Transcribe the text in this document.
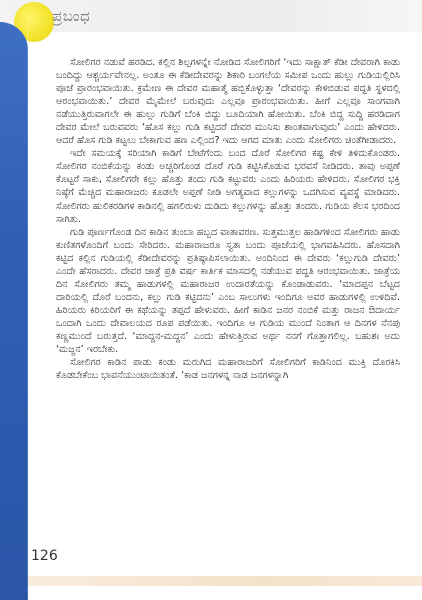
ಪ್ರಬಂಧ

ಸೋಲಿಗರ ನಡುವೆ ಹರಡಿದ. ಕಲ್ಲಿನ ಶಿಲ್ಪಗಳನ್ನೇ ನೋಡಿದ ಸೋಲಿಗರಿಗೆ ‘ಇದು ಸಾಕ್ಷಾತ್ ಕೆಡೀ ದೇವರಾಗಿ ಕಾಡು ಬಂದಿದ್ದು ಆಶ್ಚರ್ಯವೇನಲ್ಲ. ಅಂತೂ ಈ ಕೆಡೀದೇವರನ್ನು ಶಿಕಾರಿ ಬಂಗಲೆಯ ಸಮೀಪ ಒಂದು ಹುಲ್ಲು ಗುಡಿಯಲ್ಲಿರಿಸಿ ಪೂಜೆ ಪ್ರಾರಂಭವಾಯಿತು. ಕ್ರಮೇಣ ಈ ದೇವರ ಮಹಾತ್ಮೆ ಹಬ್ಬಿಕೊಳ್ಳುತ್ತಾ ‘ದೇವರನ್ನು ಕೇಳಿಬಿಡುವ ಪದ್ಧತಿ ಸ್ಥಳದಲ್ಲಿ ಆರಂಭವಾಯಿತು.’ ದೇವರ ಮೈಮೇಲೆ ಬರುವುದು ಎಲ್ಲವೂ ಪ್ರಾರಂಭವಾಯಿತು. ಹೀಗೆ ಎಲ್ಲವೂ ಸಾಂಗವಾಗಿ ನಡೆಯುತ್ತಿರುವಾಗಲೇ ಈ ಹುಲ್ಲು ಗುಡಿಗೆ ಬೆಂಕಿ ಬಿದ್ದು ಬೂದಿಯಾಗಿ ಹೋಯಿತು. ಬೆಂಕಿ ಬಿದ್ದ ಸುದ್ದಿ ಹರಡಿದಾಗ ದೇವರ ಮೇಲೆ ಬರುವವರು ‘ಹೊಸ ಕಲ್ಲು ಗುಡಿ ಕಟ್ಟಿದರೆ ದೇವರ ಮುನಿಸು ಶಾಂತವಾಗುವುದು’ ಎಂದು ಹೇಳಿದರು. ಆದರೆ ಹೊಸ ಗುಡಿ ಕಟ್ಟಲು ಬೇಕಾಗುವ ಹಣ ಎಲ್ಲಿಂದ? ಇದು ಆಗದ ಮಾತು ಎಂದು ಸೋಲಿಗರು ಚಿಂತೆಗೀಡಾದರು.

ಇದೇ ಸಮಯಕ್ಕೆ ಸರಿಯಾಗಿ ಕಾಡಿಗೆ ಬೇಟೆಗೆಂದು ಬಂದ ದೊರೆ ಸೋಲಿಗರ ಕಷ್ಟ ಕೇಳಿ ತಿಳಿದುಕೊಂಡರು. ಸೋಲಿಗರ ನಂಬಿಕೆಯನ್ನು ಕಂಡು ಅಚ್ಚರಿಗೊಂಡ ದೊರೆ ಗುಡಿ ಕಟ್ಟಿಸಿಕೊಡುವ ಭರವಸೆ ನೀಡಿದರು. ತಾವು ಅಪ್ಪಣೆ ಕೊಟ್ಟರೆ ಸಾಕು, ಸೋಲಿಗರೇ ಕಲ್ಲು ಹೊತ್ತು ತಂದು ಗುಡಿ ಕಟ್ಟುವರು ಎಂದು ಹಿರಿಯರು ಹೇಳಿದರು. ಸೋಲಿಗರ ಭಕ್ತಿ ನಿಷ್ಠೆಗೆ ಮೆಚ್ಚಿದ ಮಹಾರಾಜರು ಕೂಡಲೇ ಅಪ್ಪಣೆ ನೀಡಿ ಅಗತ್ಯವಾದ ಕಲ್ಲುಗಳನ್ನು ಒದಗಿಸುವ ವ್ಯವಸ್ಥೆ ಮಾಡಿದರು. ಸೋಲಿಗರು ಹುಲಿಕರಡಿಗಳ ಕಾಡಿನಲ್ಲಿ ಹಗಲಿರುಳು ದುಡಿದು ಕಲ್ಲುಗಳನ್ನು ಹೊತ್ತು ತಂದರು. ಗುಡಿಯ ಕೆಲಸ ಭರದಿಂದ ಸಾಗಿತು.

ಗುಡಿ ಪೂರ್ಣಗೊಂಡ ದಿನ ಕಾಡಿನ ತುಂಬಾ ಹಬ್ಬದ ವಾತಾವರಣ. ಸುತ್ತಮುತ್ತಲ ಹಾಡಿಗಳಿಂದ ಸೋಲಿಗರು ಹಾಡು ಕುಣಿತಗಳೊಂದಿಗೆ ಬಂದು ಸೇರಿದರು. ಮಹಾರಾಜರೂ ಸ್ವತಃ ಬಂದು ಪೂಜೆಯಲ್ಲಿ ಭಾಗವಹಿಸಿದರು. ಹೊಸದಾಗಿ ಕಟ್ಟಿದ ಕಲ್ಲಿನ ಗುಡಿಯಲ್ಲಿ ಕೆಡೀದೇವರನ್ನು ಪ್ರತಿಷ್ಠಾಪಿಸಲಾಯಿತು. ಅಂದಿನಿಂದ ಈ ದೇವರು ‘ಕಲ್ಲುಗುಡಿ ದೇವರು’ ಎಂದೇ ಹೆಸರಾದರು. ದೇವರ ಜಾತ್ರೆ ಪ್ರತಿ ವರ್ಷ ಕಾರ್ತಿಕ ಮಾಸದಲ್ಲಿ ನಡೆಯುವ ಪದ್ಧತಿ ಆರಂಭವಾಯಿತು. ಜಾತ್ರೆಯ ದಿನ ಸೋಲಿಗರು ತಮ್ಮ ಹಾಡುಗಳಲ್ಲಿ ಮಹಾರಾಜರ ಉದಾರತೆಯನ್ನು ಕೊಂಡಾಡುವರು. ‘ಮಾದಪ್ಪನ ಬೆಟ್ಟದ ದಾರಿಯಲ್ಲಿ ದೊರೆ ಬಂದನು, ಕಲ್ಲು ಗುಡಿ ಕಟ್ಟಿದನು’ ಎಂಬ ಸಾಲುಗಳು ಇಂದಿಗೂ ಅವರ ಹಾಡುಗಳಲ್ಲಿ ಉಳಿದಿವೆ. ಹಿರಿಯರು ಕಿರಿಯರಿಗೆ ಈ ಕಥೆಯನ್ನು ತಪ್ಪದೆ ಹೇಳುವರು. ಹೀಗೆ ಕಾಡಿನ ಜನರ ನಂಬಿಕೆ ಮತ್ತು ರಾಜನ ಔದಾರ್ಯ ಒಂದಾಗಿ ಒಂದು ದೇವಾಲಯದ ರೂಪ ಪಡೆಯಿತು. ಇಂದಿಗೂ ಆ ಗುಡಿಯ ಮುಂದೆ ನಿಂತಾಗ ಆ ದಿನಗಳ ನೆನಪು ಕಣ್ಣಮುಂದೆ ಬರುತ್ತದೆ. ‘ಮಾದ್ದನ-ಮದ್ದನ’ ಎಂದು ಹೇಳುತ್ತಿರುವ ಅರ್ಥ ನನಗೆ ಗೊತ್ತಾಗಲಿಲ್ಲ. ಬಹುಶಃ ಅದು ‘ಮಜ್ಜನ’ ಇರಬೇಕು.

ಸೋಲಿಗರ ಕಾಡಿನ ಪಾಡು ಕಂಡು ಮರುಗಿದ ಮಹಾರಾಜರಿಗೆ ಸೋಲಿಗರಿಗೆ ಕಾಡಿನಿಂದ ಮುಕ್ತಿ ದೊರಕಿಸಿ ಕೊಡಬೇಕೆಂಬ ಭಾವನೆಯುಂಟಾಯಿತಂತೆ. ‘ಕಾಡ ಜನಗಳನ್ನ ನಾಡ ಜನಗಳನ್ನಾಗಿ

126
